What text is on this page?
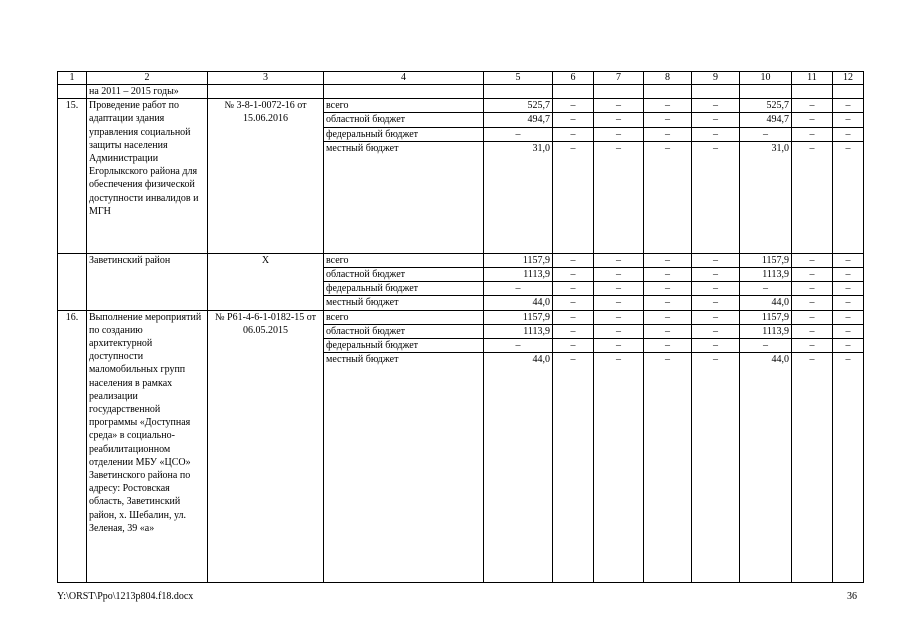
1	2	3	4	5	6	7	8	9	10	11	12
	на 2011 – 2015 годы»										
15.	Проведение работ по адаптации здания управления социальной защиты населения Администрации Егорлыкского района для обеспечения физической доступности инвалидов и МГН	№ 3-8-1-0072-16 от 15.06.2016	всего	525,7	–	–	–	–	525,7	–	–
			областной бюджет	494,7	–	–	–	–	494,7	–	–
			федеральный бюджет	–	–	–	–	–	–	–	–
			местный бюджет	31,0	–	–	–	–	31,0	–	–
	Заветинский район	Х	всего	1157,9	–	–	–	–	1157,9	–	–
			областной бюджет	1113,9	–	–	–	–	1113,9	–	–
			федеральный бюджет	–	–	–	–	–	–	–	–
			местный бюджет	44,0	–	–	–	–	44,0	–	–
16.	Выполнение мероприятий по созданию архитектурной доступности маломобильных групп населения в рамках реализации государственной программы «Доступная среда» в социально-реабилитационном отделении МБУ «ЦСО» Заветинского района по адресу: Ростовская область, Заветинский район, х. Шебалин, ул. Зеленая, 39 «а»	№ Р61-4-6-1-0182-15 от 06.05.2015	всего	1157,9	–	–	–	–	1157,9	–	–
			областной бюджет	1113,9	–	–	–	–	1113,9	–	–
			федеральный бюджет	–	–	–	–	–	–	–	–
			местный бюджет	44,0	–	–	–	–	44,0	–	–
Y:\ORST\Ppo\1213p804.f18.docx	36
